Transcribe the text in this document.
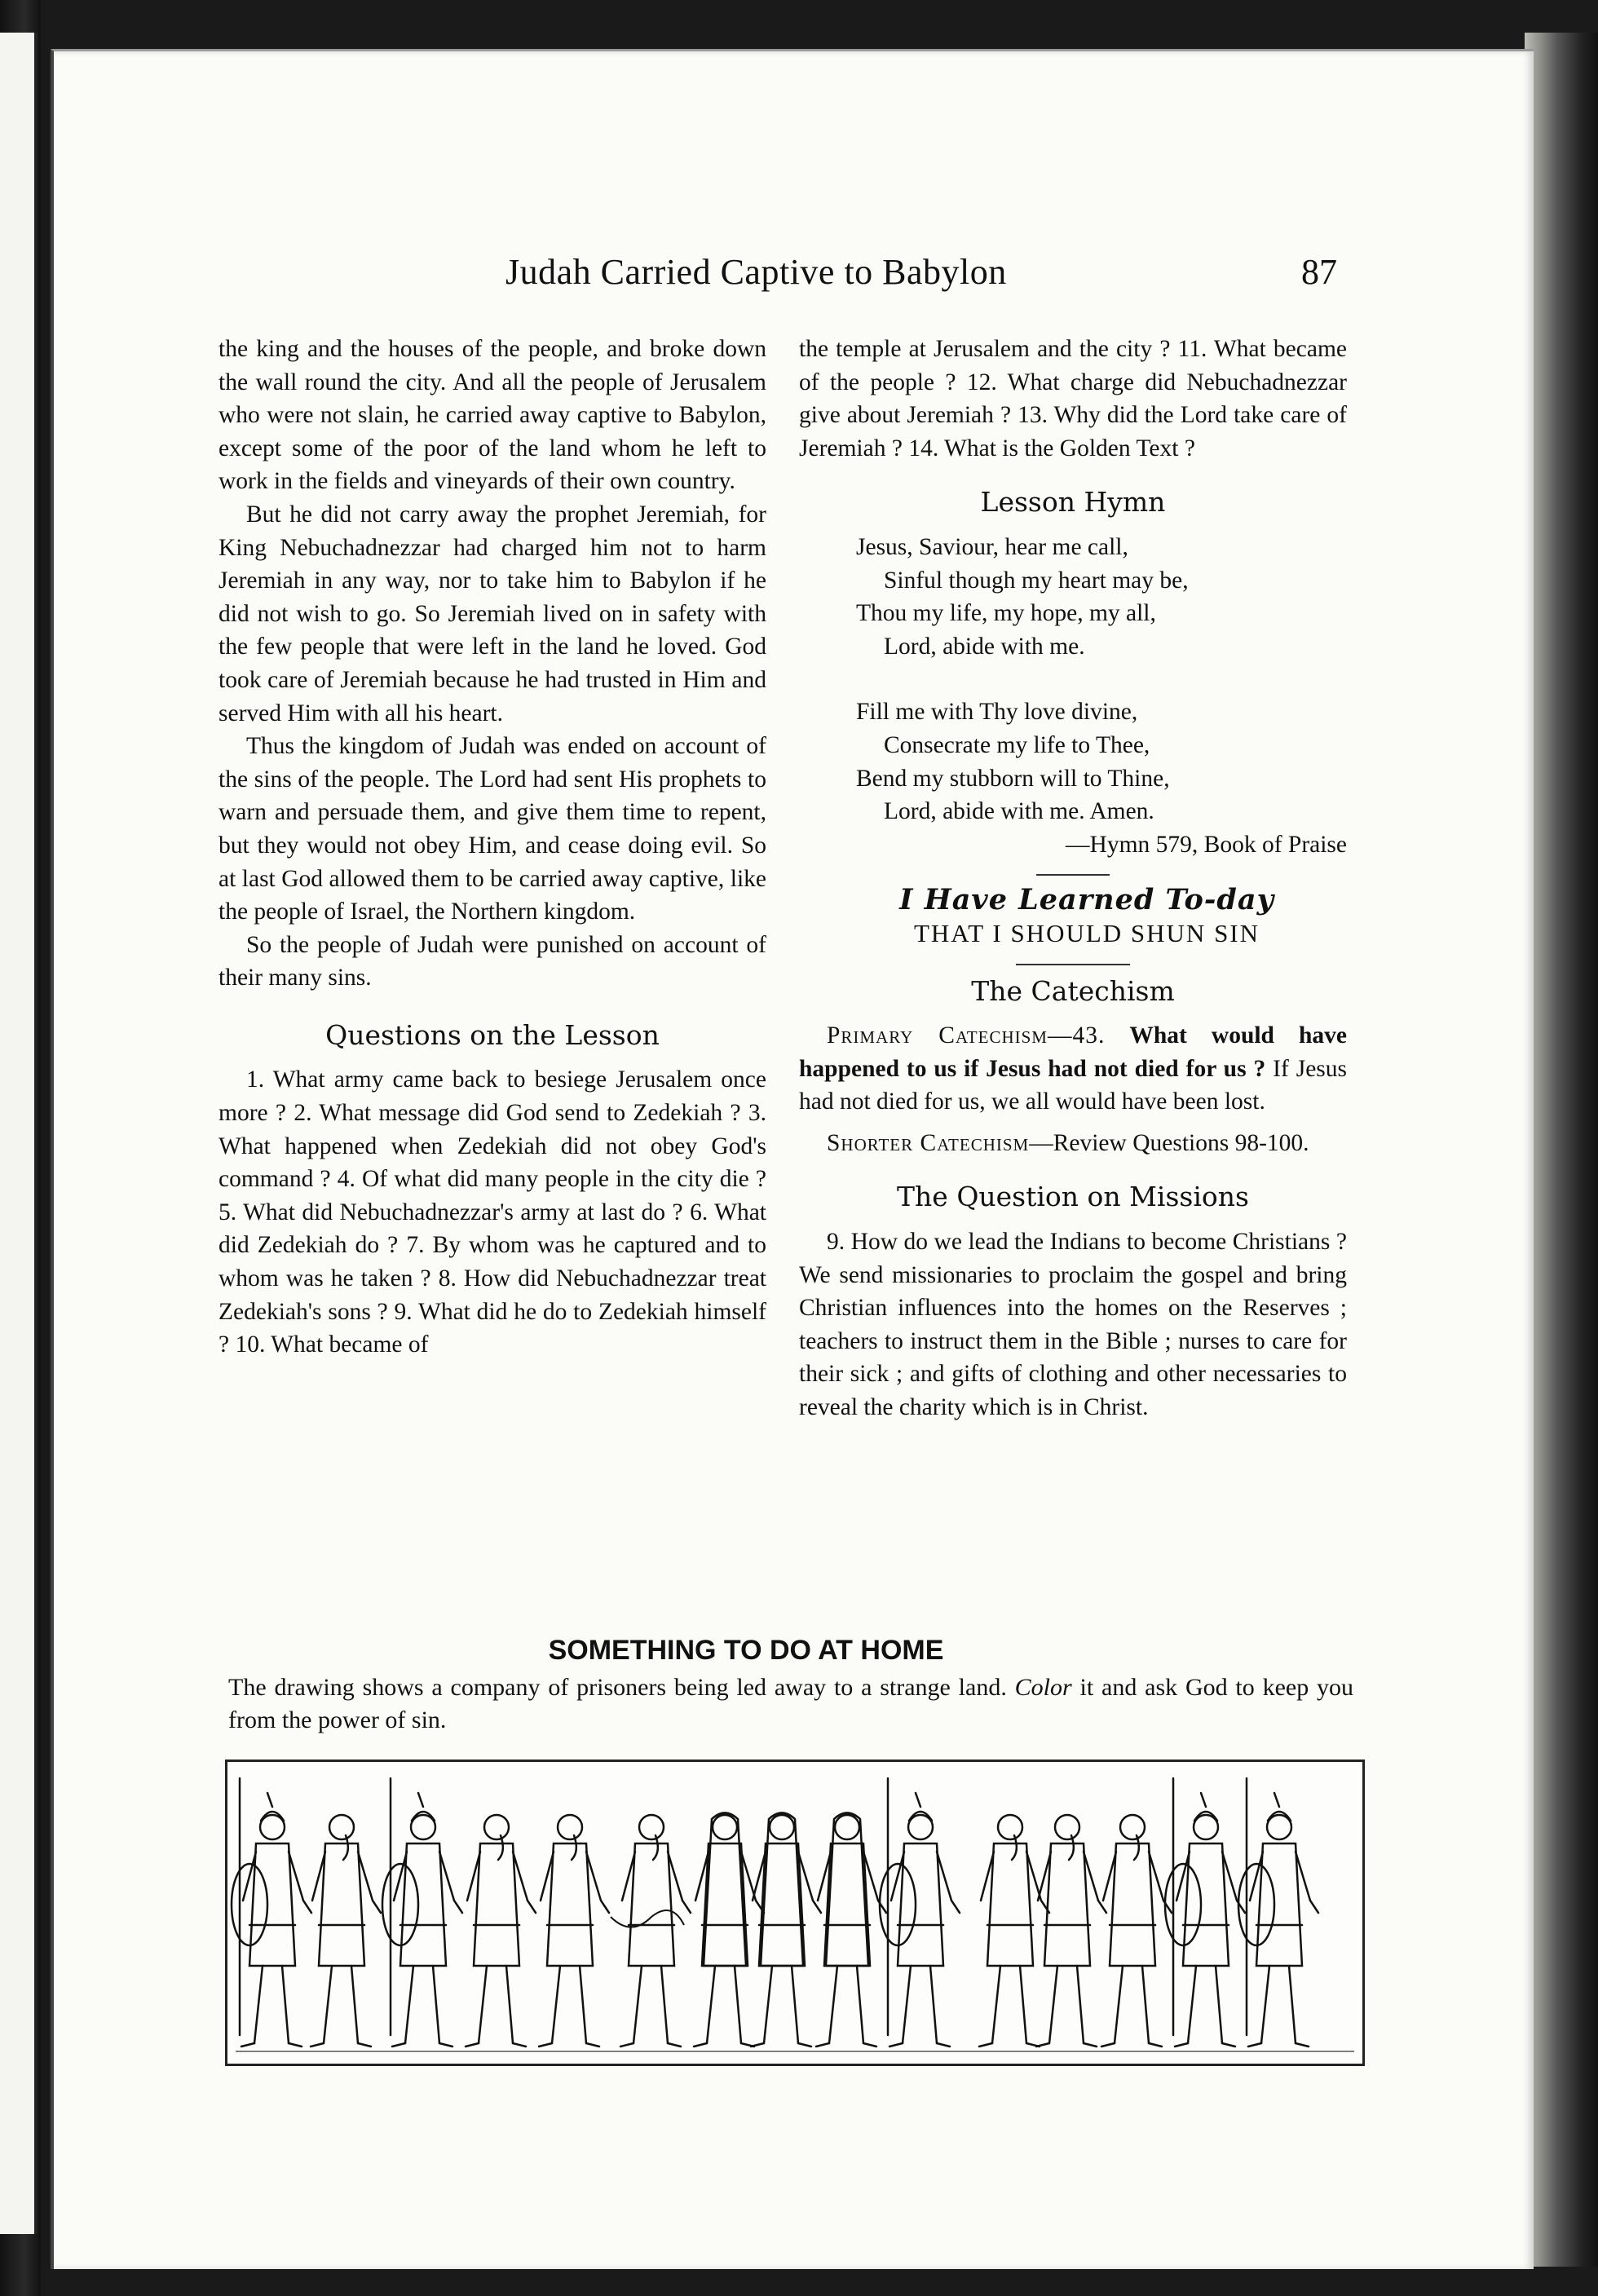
Judah Carried Captive to Babylon	87

the king and the houses of the people, and broke down the wall round the city. And all the people of Jerusalem who were not slain, he carried away captive to Babylon, except some of the poor of the land whom he left to work in the fields and vineyards of their own country.

But he did not carry away the prophet Jeremiah, for King Nebuchadnezzar had charged him not to harm Jeremiah in any way, nor to take him to Babylon if he did not wish to go. So Jeremiah lived on in safety with the few people that were left in the land he loved. God took care of Jeremiah because he had trusted in Him and served Him with all his heart.

Thus the kingdom of Judah was ended on account of the sins of the people. The Lord had sent His prophets to warn and persuade them, and give them time to repent, but they would not obey Him, and cease doing evil. So at last God allowed them to be carried away captive, like the people of Israel, the Northern kingdom.

So the people of Judah were punished on account of their many sins.

Questions on the Lesson

1. What army came back to besiege Jerusalem once more ? 2. What message did God send to Zedekiah ? 3. What happened when Zedekiah did not obey God's command ? 4. Of what did many people in the city die ? 5. What did Nebuchadnezzar's army at last do ? 6. What did Zedekiah do ? 7. By whom was he captured and to whom was he taken ? 8. How did Nebuchadnezzar treat Zedekiah's sons ? 9. What did he do to Zedekiah himself ? 10. What became of

the temple at Jerusalem and the city ? 11. What became of the people ? 12. What charge did Nebuchadnezzar give about Jeremiah ? 13. Why did the Lord take care of Jeremiah ? 14. What is the Golden Text ?

Lesson Hymn
Jesus, Saviour, hear me call,
Sinful though my heart may be,
Thou my life, my hope, my all,
Lord, abide with me.
Fill me with Thy love divine,
Consecrate my life to Thee,
Bend my stubborn will to Thine,
Lord, abide with me. Amen.

—Hymn 579, Book of Praise

I Have Learned To-day

THAT I SHOULD SHUN SIN

The Catechism

Primary Catechism—43. What would have happened to us if Jesus had not died for us ? If Jesus had not died for us, we all would have been lost.

Shorter Catechism—Review Questions 98-100.

The Question on Missions

9. How do we lead the Indians to become Christians ? We send missionaries to proclaim the gospel and bring Christian influences into the homes on the Reserves ; teachers to instruct them in the Bible ; nurses to care for their sick ; and gifts of clothing and other necessaries to reveal the charity which is in Christ.

SOMETHING TO DO AT HOME
The drawing shows a company of prisoners being led away to a strange land. Color it and ask God to keep you from the power of sin.
